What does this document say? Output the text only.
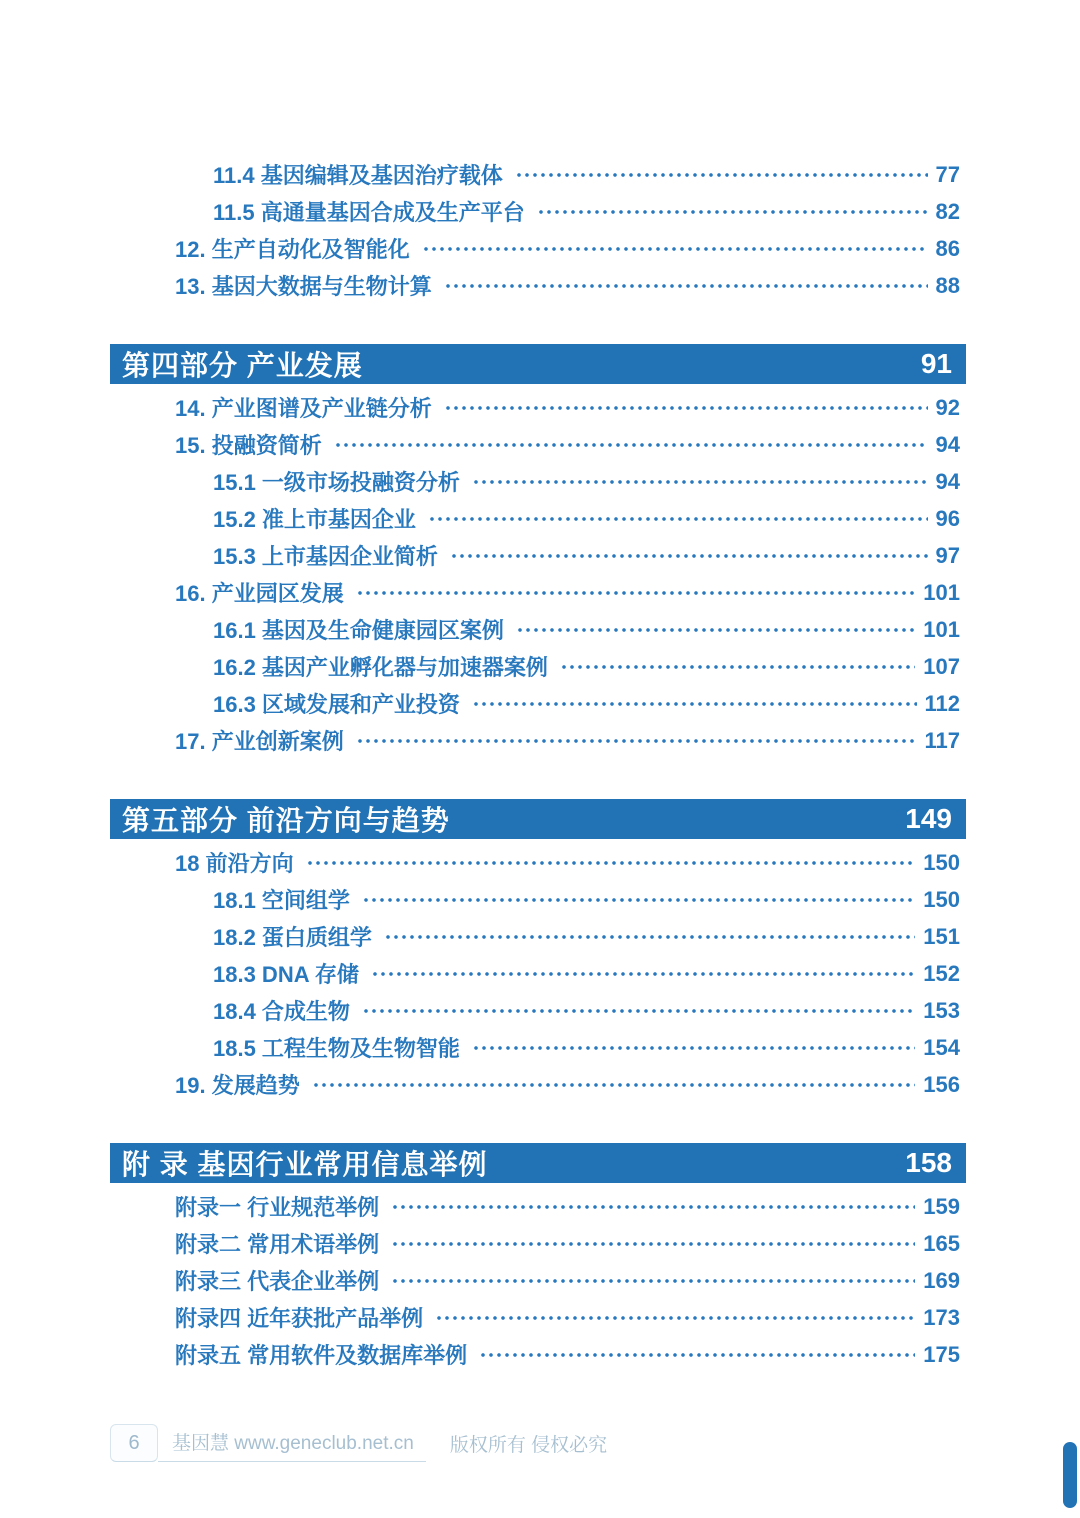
11.4 基因编辑及基因治疗载体	77
11.5 高通量基因合成及生产平台	82
12. 生产自动化及智能化	86
13. 基因大数据与生物计算	88
第四部分 产业发展	91
14. 产业图谱及产业链分析	92
15. 投融资简析	94
15.1 一级市场投融资分析	94
15.2 准上市基因企业	96
15.3 上市基因企业简析	97
16. 产业园区发展	101
16.1 基因及生命健康园区案例	101
16.2 基因产业孵化器与加速器案例	107
16.3 区域发展和产业投资	112
17. 产业创新案例	117
第五部分 前沿方向与趋势	149
18 前沿方向	150
18.1 空间组学	150
18.2 蛋白质组学	151
18.3 DNA 存储	152
18.4 合成生物	153
18.5 工程生物及生物智能	154
19. 发展趋势	156
附 录 基因行业常用信息举例	158
附录一 行业规范举例	159
附录二 常用术语举例	165
附录三 代表企业举例	169
附录四 近年获批产品举例	173
附录五 常用软件及数据库举例	175
6	基因慧 www.geneclub.net.cn	版权所有 侵权必究
